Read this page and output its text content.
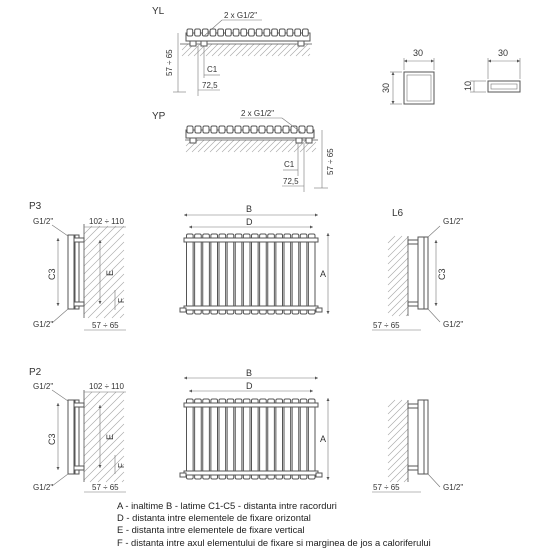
YL	2 x G1/2"
57 ÷ 65	C1
72,5
30
30
30
10
YP	2 x G1/2"
57 ÷ 65
C1
72,5
P3
G1/2"
G1/2"
C3
102 ÷ 110
E
F
57 ÷ 65
B
D
A
L6
G1/2"
G1/2"
C3
57 ÷ 65
P2
G1/2"
G1/2"
C3
102 ÷ 110
E
F
57 ÷ 65
B
D
A
G1/2"
57 ÷ 65
A - inaltime B - latime C1-C5 - distanta intre racorduri
D - distanta intre elementele de fixare orizontal
E - distanta intre elementele de fixare vertical
F - distanta intre axul elementului de fixare si marginea de jos a caloriferului
